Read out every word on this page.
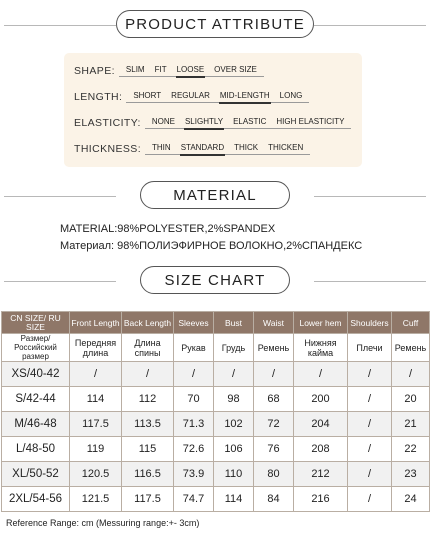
PRODUCT ATTRIBUTE
SHAPE: SLIM FIT LOOSE OVER SIZE
LENGTH: SHORT REGULAR MID-LENGTH LONG
ELASTICITY: NONE SLIGHTLY ELASTIC HIGH ELASTICITY
THICKNESS: THIN STANDARD THICK THICKEN
MATERIAL
MATERIAL:98%POLYESTER,2%SPANDEX
Материал: 98%ПОЛИЭФИРНОЕ ВОЛОКНО,2%СПАНДЕКС
SIZE CHART
CN SIZE/ RU SIZE	Front Length	Back Length	Sleeves	Bust	Waist	Lower hem	Shoulders	Cuff
Размер/ Российский размер	Передняя длина	Длина спины	Рукав	Грудь	Ремень	Нижняя кайма	Плечи	Ремень
XS/40-42	/	/	/	/	/	/	/	/
S/42-44	114	112	70	98	68	200	/	20
M/46-48	117.5	113.5	71.3	102	72	204	/	21
L/48-50	119	115	72.6	106	76	208	/	22
XL/50-52	120.5	116.5	73.9	110	80	212	/	23
2XL/54-56	121.5	117.5	74.7	114	84	216	/	24
Reference Range: cm (Messuring range:+- 3cm)
